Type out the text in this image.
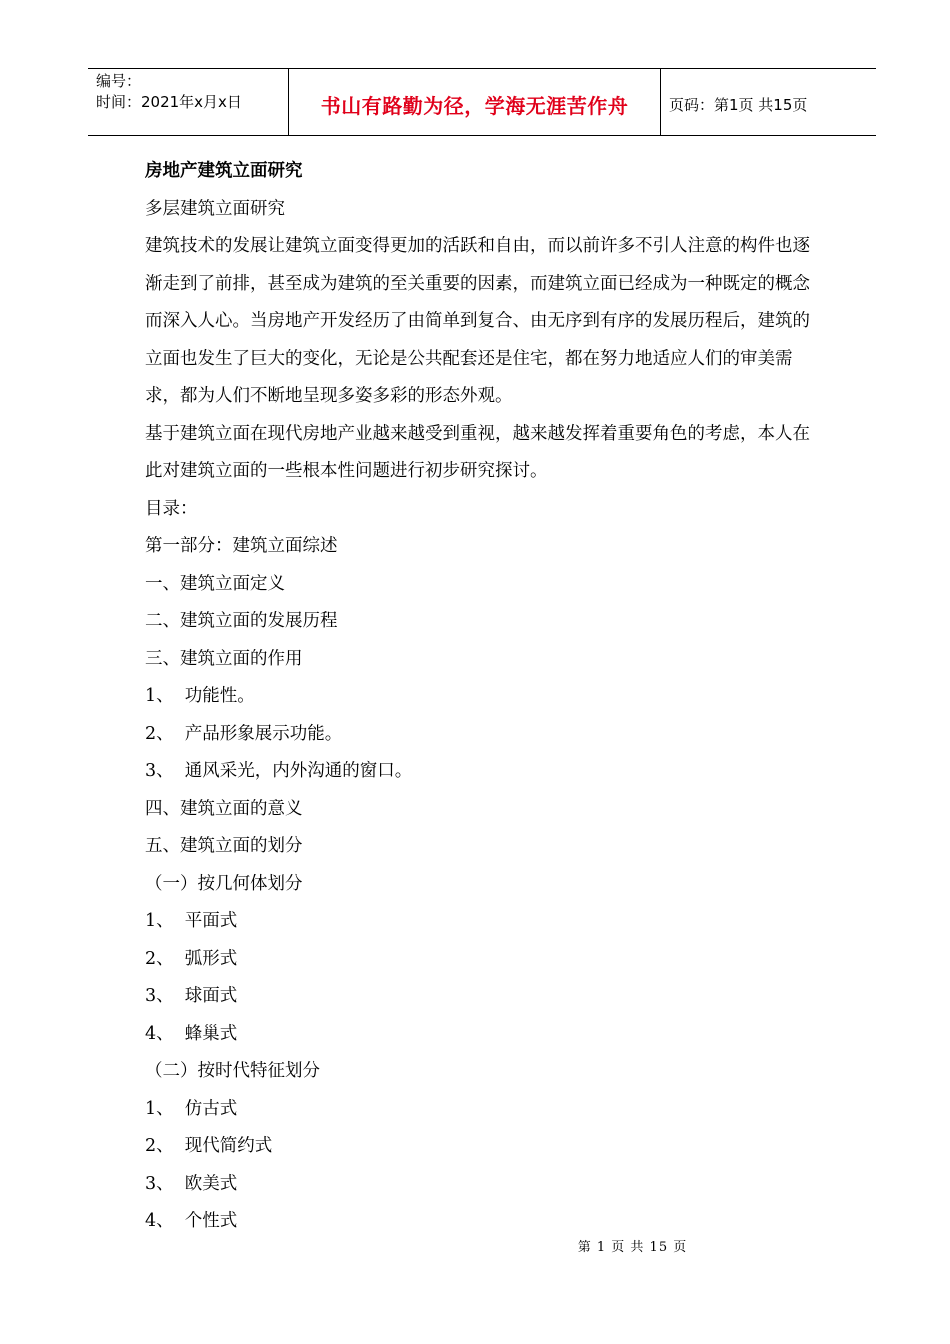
编号：
时间：2021年x月x日	书山有路勤为径，学海无涯苦作舟	页码：第1页 共15页

房地产建筑立面研究

多层建筑立面研究

建筑技术的发展让建筑立面变得更加的活跃和自由，而以前许多不引人注意的构件也逐渐走到了前排，甚至成为建筑的至关重要的因素，而建筑立面已经成为一种既定的概念而深入人心。当房地产开发经历了由简单到复合、由无序到有序的发展历程后，建筑的立面也发生了巨大的变化，无论是公共配套还是住宅，都在努力地适应人们的审美需求，都为人们不断地呈现多姿多彩的形态外观。

基于建筑立面在现代房地产业越来越受到重视，越来越发挥着重要角色的考虑，本人在此对建筑立面的一些根本性问题进行初步研究探讨。

目录：

第一部分：建筑立面综述

一、建筑立面定义

二、建筑立面的发展历程

三、建筑立面的作用

1、  功能性。

2、  产品形象展示功能。

3、  通风采光，内外沟通的窗口。

四、建筑立面的意义

五、建筑立面的划分

（一）按几何体划分

1、  平面式

2、  弧形式

3、  球面式

4、  蜂巢式

（二）按时代特征划分

1、  仿古式

2、  现代简约式

3、  欧美式

4、  个性式

第 1 页 共 15 页
